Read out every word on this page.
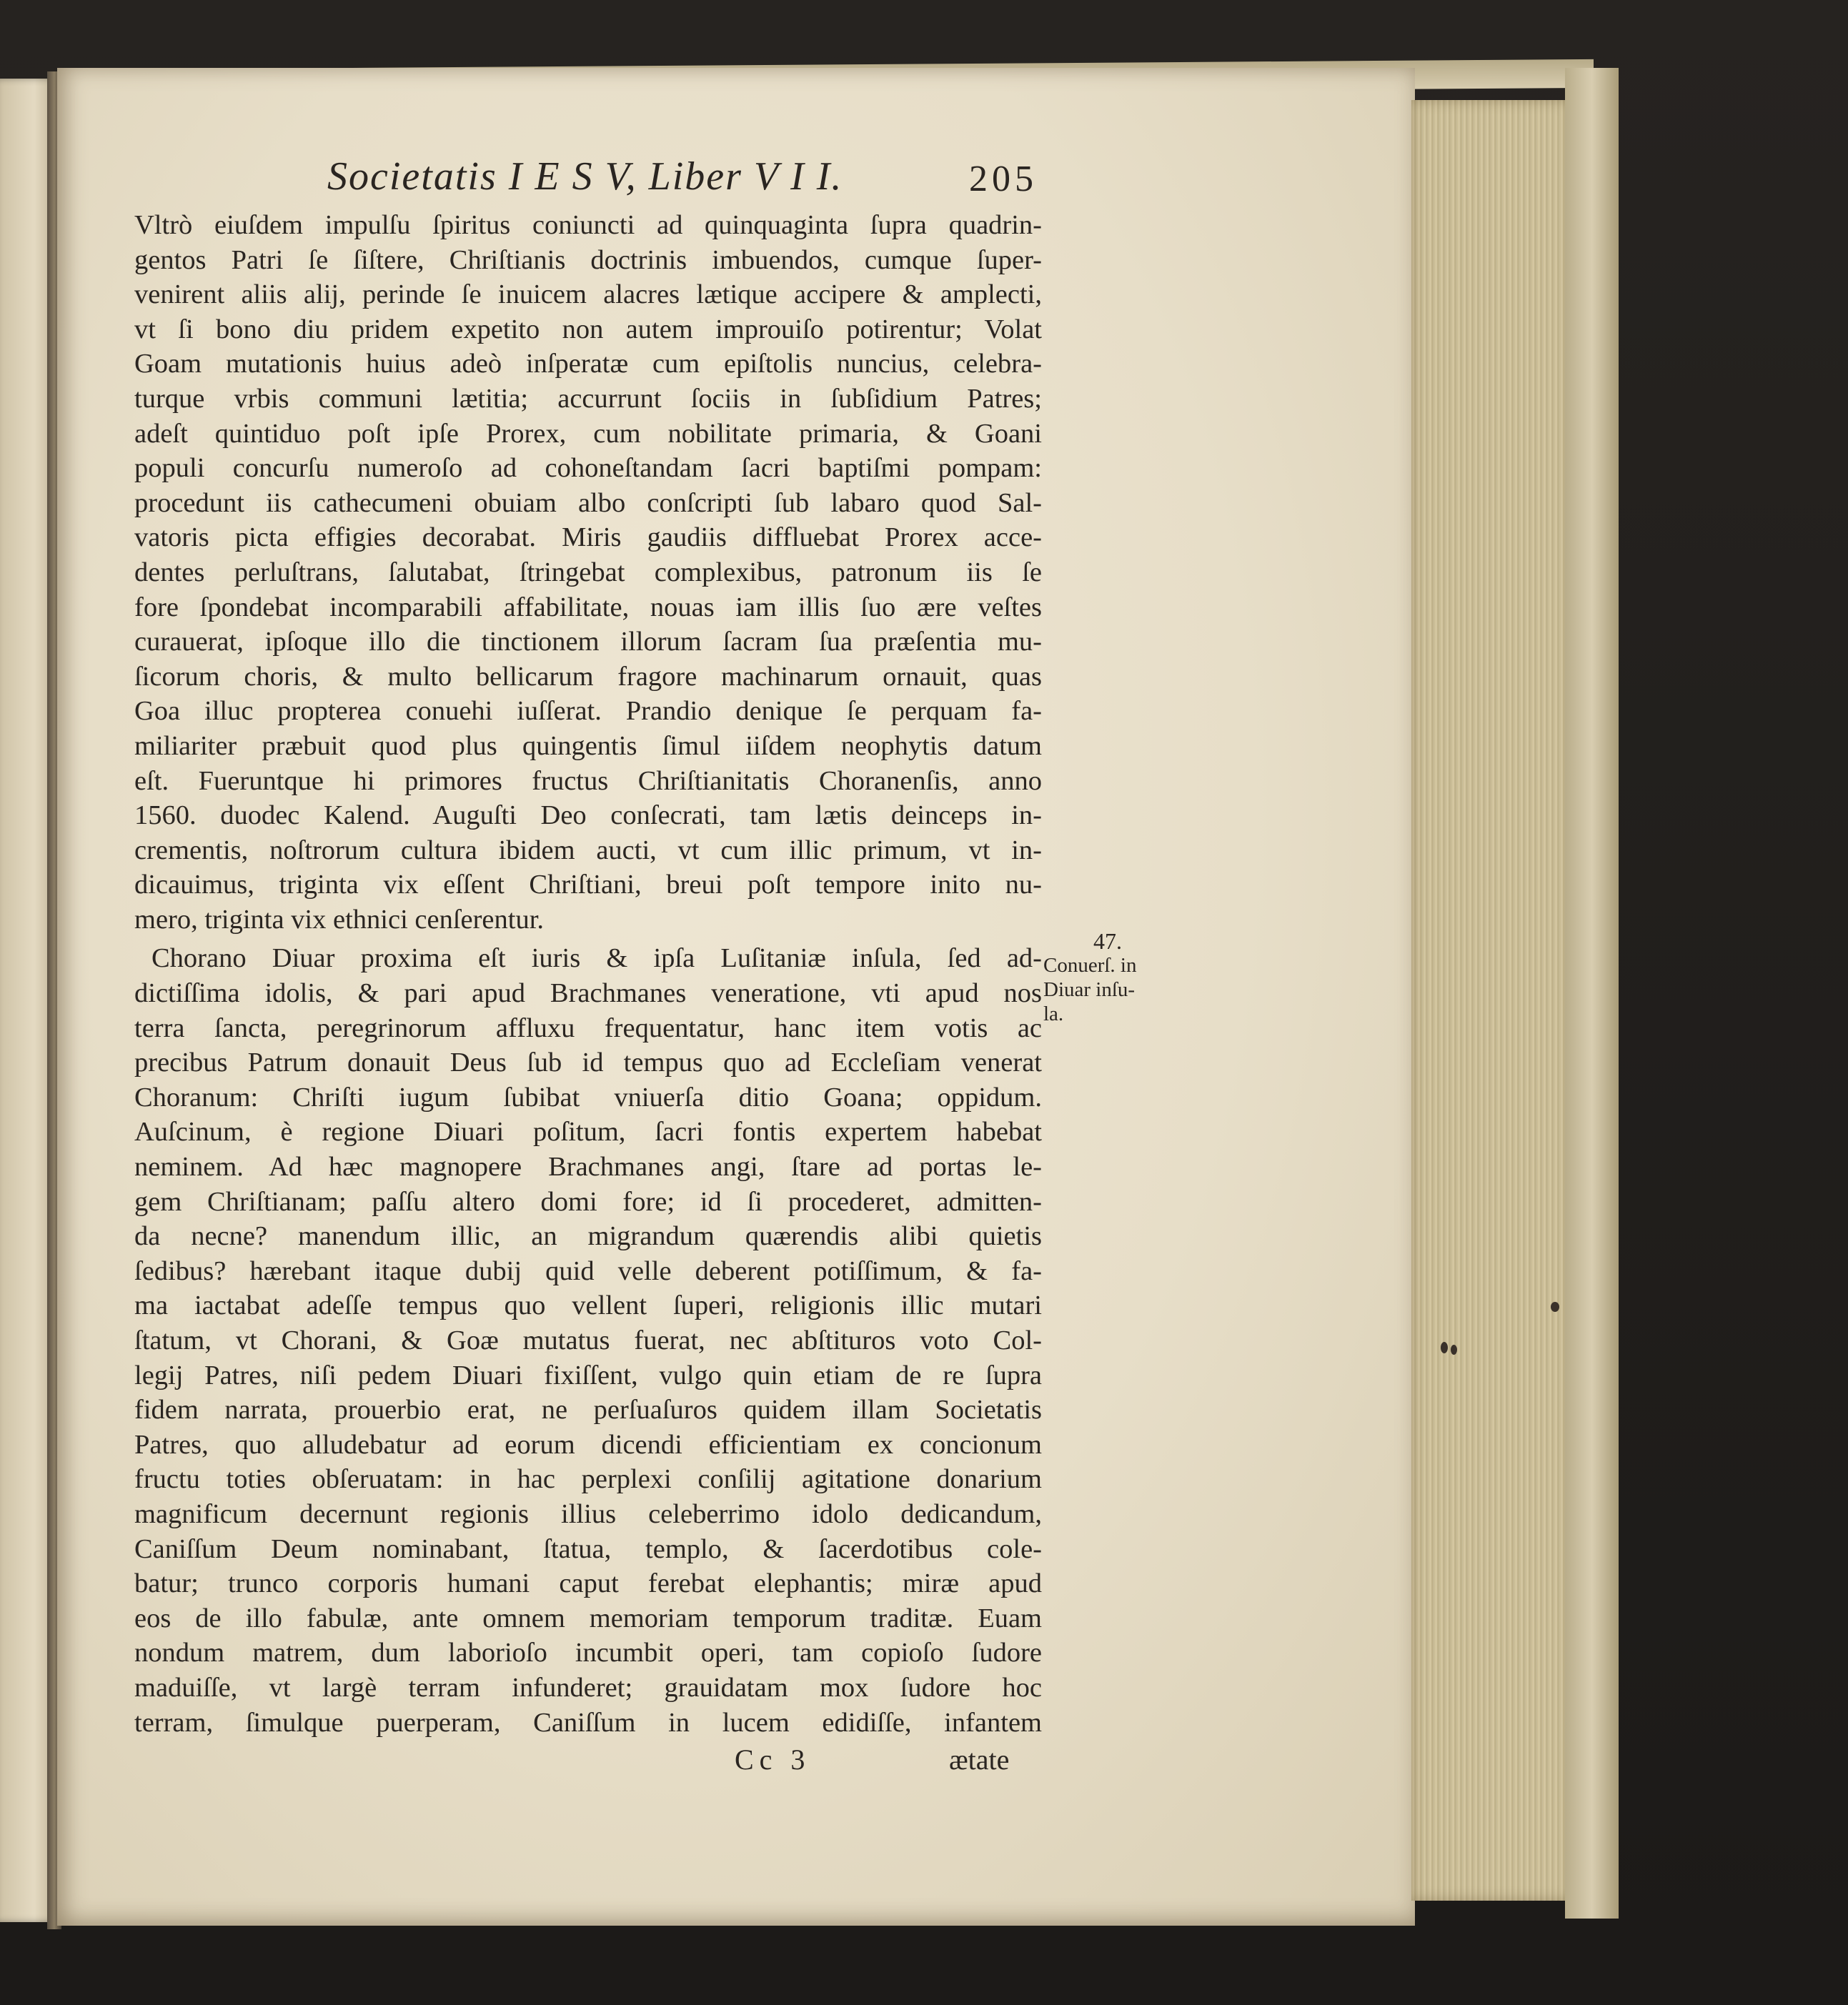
Societatis I E S V, Liber V I I.	205
Vltrò eiuſdem impulſu ſpiritus coniuncti ad quinquaginta ſupra quadrin-
gentos Patri ſe ſiſtere, Chriſtianis doctrinis imbuendos, cumque ſuper-
venirent aliis alij, perinde ſe inuicem alacres lætique accipere & amplecti,
vt ſi bono diu pridem expetito non autem improuiſo potirentur; Volat
Goam mutationis huius adeò inſperatæ cum epiſtolis nuncius, celebra-
turque vrbis communi lætitia; accurrunt ſociis in ſubſidium Patres;
adeſt quintiduo poſt ipſe Prorex, cum nobilitate primaria, & Goani
populi concurſu numeroſo ad cohoneſtandam ſacri baptiſmi pompam:
procedunt iis cathecumeni obuiam albo conſcripti ſub labaro quod Sal-
vatoris picta effigies decorabat. Miris gaudiis diffluebat Prorex acce-
dentes perluſtrans, ſalutabat, ſtringebat complexibus, patronum iis ſe
fore ſpondebat incomparabili affabilitate, nouas iam illis ſuo ære veſtes
curauerat, ipſoque illo die tinctionem illorum ſacram ſua præſentia mu-
ſicorum choris, & multo bellicarum fragore machinarum ornauit, quas
Goa illuc propterea conuehi iuſſerat. Prandio denique ſe perquam fa-
miliariter præbuit quod plus quingentis ſimul iiſdem neophytis datum
eſt. Fueruntque hi primores fructus Chriſtianitatis Choranenſis, anno
1560. duodec Kalend. Auguſti Deo conſecrati, tam lætis deinceps in-
crementis, noſtrorum cultura ibidem aucti, vt cum illic primum, vt in-
dicauimus, triginta vix eſſent Chriſtiani, breui poſt tempore inito nu-
mero, triginta vix ethnici cenſerentur.
Chorano Diuar proxima eſt iuris & ipſa Luſitaniæ inſula, ſed ad-
dictiſſima idolis, & pari apud Brachmanes veneratione, vti apud nos
terra ſancta, peregrinorum affluxu frequentatur, hanc item votis ac
precibus Patrum donauit Deus ſub id tempus quo ad Eccleſiam venerat
Choranum: Chriſti iugum ſubibat vniuerſa ditio Goana; oppidum.
Auſcinum, è regione Diuari poſitum, ſacri fontis expertem habebat
neminem. Ad hæc magnopere Brachmanes angi, ſtare ad portas le-
gem Chriſtianam; paſſu altero domi fore; id ſi procederet, admitten-
da necne? manendum illic, an migrandum quærendis alibi quietis
ſedibus? hærebant itaque dubij quid velle deberent potiſſimum, & fa-
ma iactabat adeſſe tempus quo vellent ſuperi, religionis illic mutari
ſtatum, vt Chorani, & Goæ mutatus fuerat, nec abſtituros voto Col-
legij Patres, niſi pedem Diuari fixiſſent, vulgo quin etiam de re ſupra
fidem narrata, prouerbio erat, ne perſuaſuros quidem illam Societatis
Patres, quo alludebatur ad eorum dicendi efficientiam ex concionum
fructu toties obſeruatam: in hac perplexi conſilij agitatione donarium
magnificum decernunt regionis illius celeberrimo idolo dedicandum,
Caniſſum Deum nominabant, ſtatua, templo, & ſacerdotibus cole-
batur; trunco corporis humani caput ferebat elephantis; miræ apud
eos de illo fabulæ, ante omnem memoriam temporum traditæ. Euam
nondum matrem, dum laborioſo incumbit operi, tam copioſo ſudore
maduiſſe, vt largè terram infunderet; grauidatam mox ſudore hoc
terram, ſimulque puerperam, Caniſſum in lucem edidiſſe, infantem
Cc 3	ætate
47.
Conuerſ. in
Diuar inſu-
la.
